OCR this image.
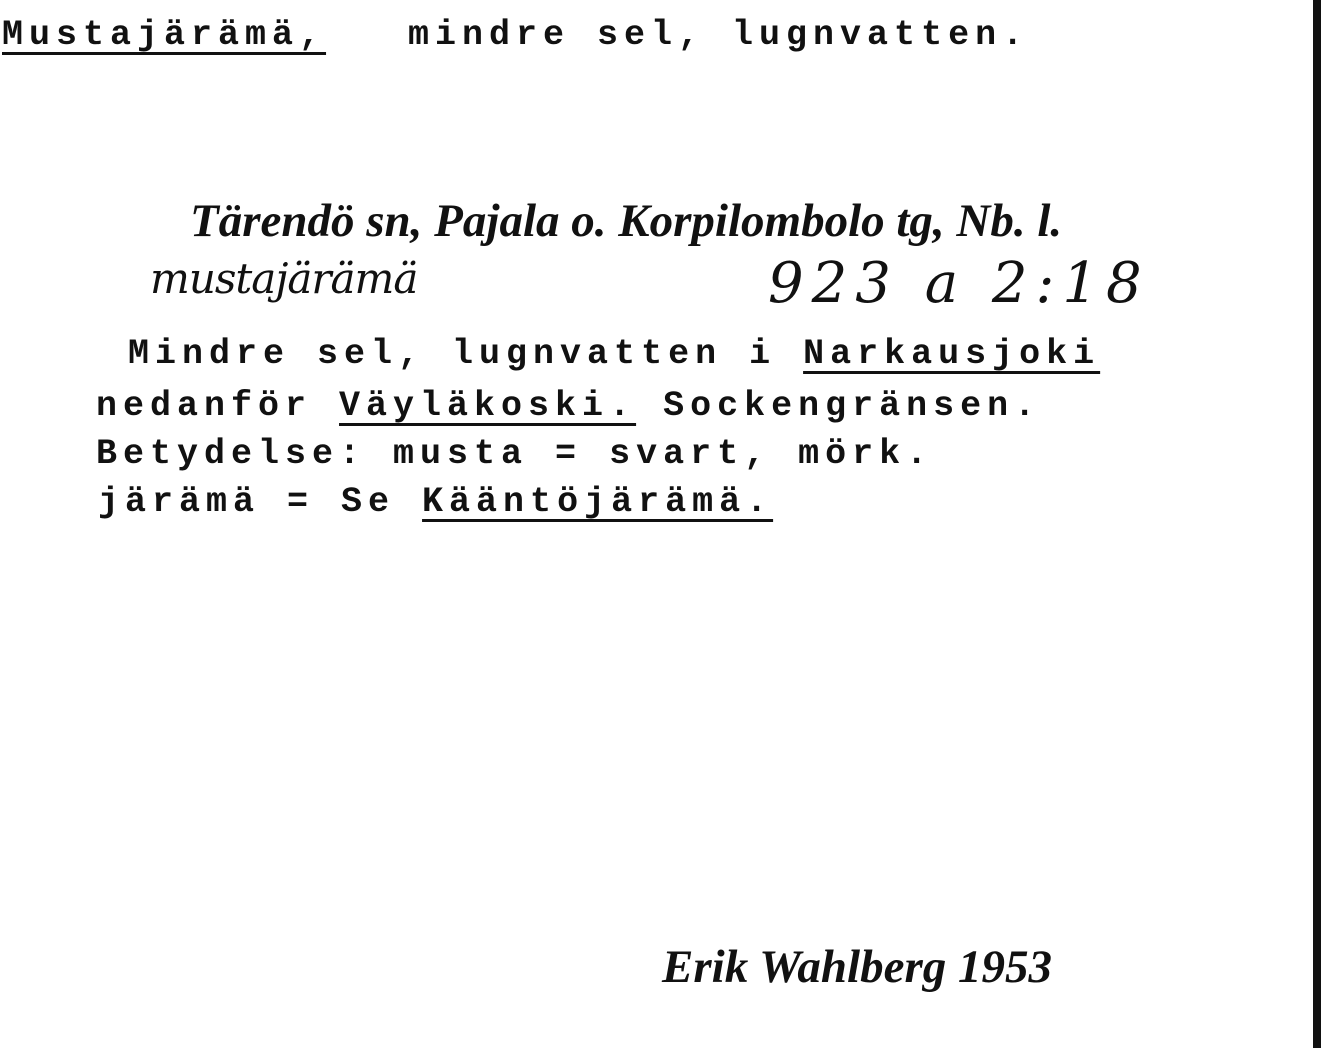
Mustajärämä, mindre sel, lugnvatten.
Tärendö sn, Pajala o. Korpilombolo tg, Nb. l.
mustajärämä	923 a 2:18
Mindre sel, lugnvatten i Narkausjoki
nedanför Väyläkoski. Sockengränsen.
Betydelse: musta = svart, mörk.
järämä = Se Kääntöjärämä.
Erik Wahlberg 1953
